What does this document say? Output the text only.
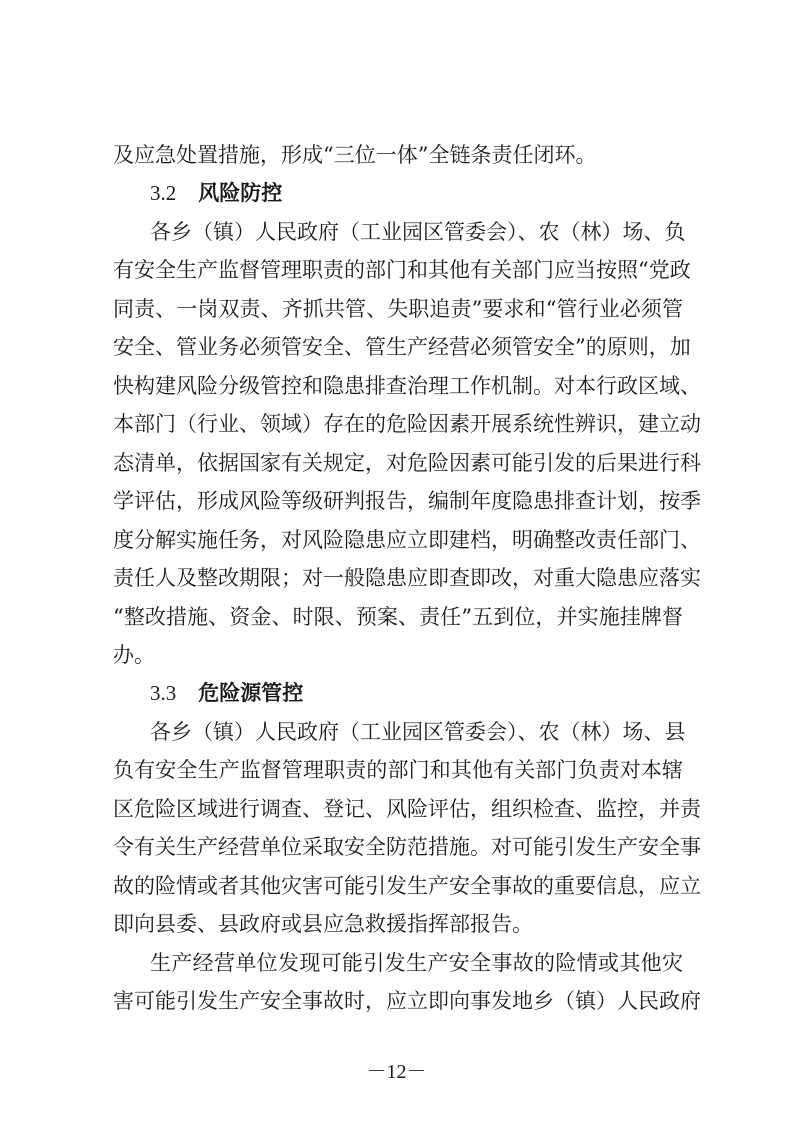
及应急处置措施，形成“三位一体”全链条责任闭环。
3.2 风险防控
各乡（镇）人民政府（工业园区管委会）、农（林）场、负
有安全生产监督管理职责的部门和其他有关部门应当按照“党政
同责、一岗双责、齐抓共管、失职追责”要求和“管行业必须管
安全、管业务必须管安全、管生产经营必须管安全”的原则，加
快构建风险分级管控和隐患排查治理工作机制。对本行政区域、
本部门（行业、领域）存在的危险因素开展系统性辨识，建立动
态清单，依据国家有关规定，对危险因素可能引发的后果进行科
学评估，形成风险等级研判报告，编制年度隐患排查计划，按季
度分解实施任务，对风险隐患应立即建档，明确整改责任部门、
责任人及整改期限；对一般隐患应即查即改，对重大隐患应落实
“整改措施、资金、时限、预案、责任”五到位，并实施挂牌督
办。
3.3 危险源管控
各乡（镇）人民政府（工业园区管委会）、农（林）场、县
负有安全生产监督管理职责的部门和其他有关部门负责对本辖
区危险区域进行调查、登记、风险评估，组织检查、监控，并责
令有关生产经营单位采取安全防范措施。对可能引发生产安全事
故的险情或者其他灾害可能引发生产安全事故的重要信息，应立
即向县委、县政府或县应急救援指挥部报告。
生产经营单位发现可能引发生产安全事故的险情或其他灾
害可能引发生产安全事故时，应立即向事发地乡（镇）人民政府
－12－
